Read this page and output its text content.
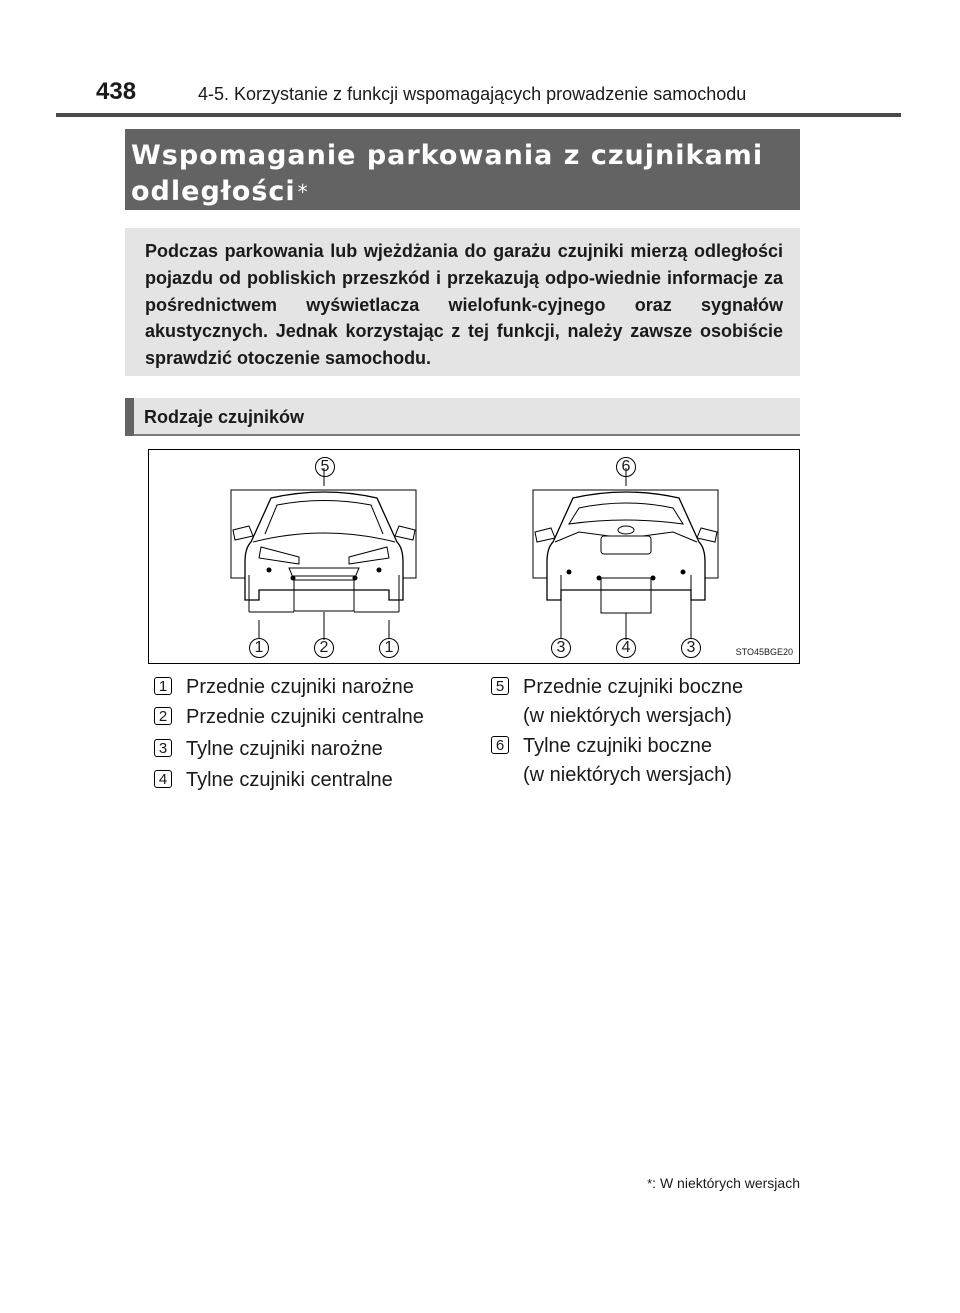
438	4-5. Korzystanie z funkcji wspomagających prowadzenie samochodu
Wspomaganie parkowania z czujnikami
odległości *
Podczas parkowania lub wjeżdżania do garażu czujniki mierzą odległości pojazdu od pobliskich przeszkód i przekazują odpo-wiednie informacje za pośrednictwem wyświetlacza wielofunk-cyjnego oraz sygnałów akustycznych. Jednak korzystając z tej funkcji, należy zawsze osobiście sprawdzić otoczenie samochodu.
Rodzaje czujników
5	6
1	2	1	3	4	3	STO45BGE20
1 Przednie czujniki narożne
2 Przednie czujniki centralne
3 Tylne czujniki narożne
4 Tylne czujniki centralne
5 Przednie czujniki boczne
(w niektórych wersjach)
6 Tylne czujniki boczne
(w niektórych wersjach)
*: W niektórych wersjach
